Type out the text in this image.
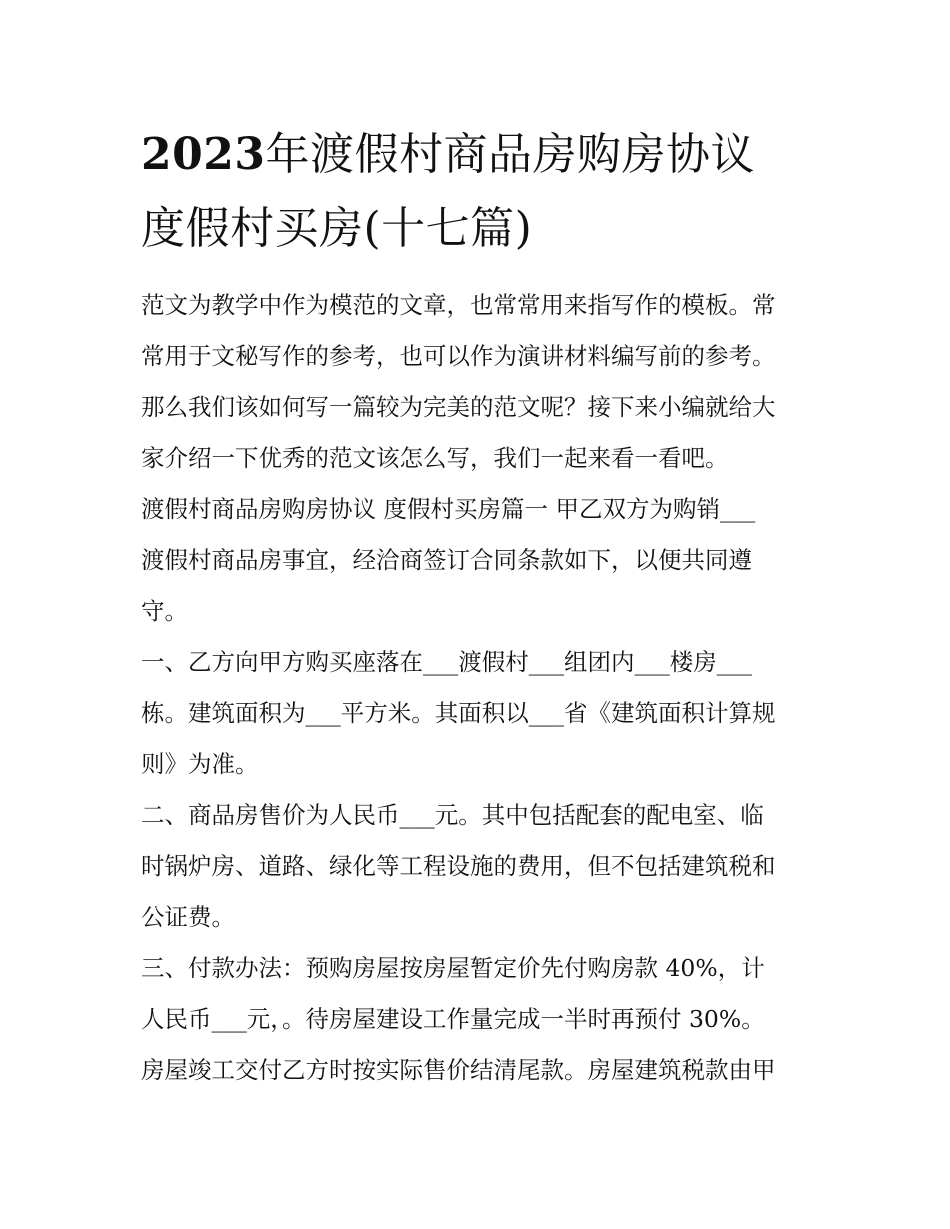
2023年渡假村商品房购房协议
度假村买房(十七篇)

范文为教学中作为模范的文章，也常常用来指写作的模板。常
常用于文秘写作的参考，也可以作为演讲材料编写前的参考。
那么我们该如何写一篇较为完美的范文呢？接下来小编就给大
家介绍一下优秀的范文该怎么写，我们一起来看一看吧。

渡假村商品房购房协议 度假村买房篇一 甲乙双方为购销___
渡假村商品房事宜，经洽商签订合同条款如下，以便共同遵
守。

一、乙方向甲方购买座落在___渡假村___组团内___楼房___
栋。建筑面积为___平方米。其面积以___省《建筑面积计算规
则》为准。

二、商品房售价为人民币___元。其中包括配套的配电室、临
时锅炉房、道路、绿化等工程设施的费用，但不包括建筑税和
公证费。

三、付款办法：预购房屋按房屋暂定价先付购房款 40%，计
人民币___元，。待房屋建设工作量完成一半时再预付 30%。
房屋竣工交付乙方时按实际售价结清尾款。房屋建筑税款由甲
